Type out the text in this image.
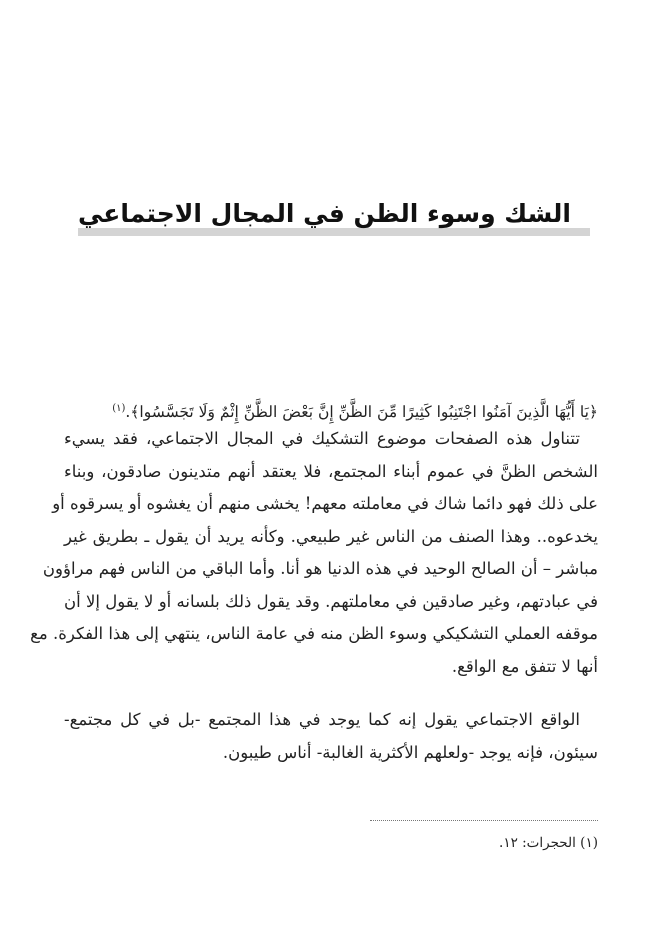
الشك وسوء الظن في المجال الاجتماعي
﴿يَا أَيُّهَا الَّذِينَ آمَنُوا اجْتَنِبُوا كَثِيرًا مِّنَ الظَّنِّ إِنَّ بَعْضَ الظَّنِّ إِثْمٌ وَلَا تَجَسَّسُوا﴾.$^{(١)}$
تتناول هذه الصفحات موضوع التشكيك في المجال الاجتماعي، فقد يسيء
الشخص الظنَّ في عموم أبناء المجتمع، فلا يعتقد أنهم متدينون صادقون، وبناء
على ذلك فهو دائما شاك في معاملته معهم! يخشى منهم أن يغشوه أو يسرقوه أو
يخدعوه.. وهذا الصنف من الناس غير طبيعي. وكأنه يريد أن يقول ـ بطريق غير
مباشر – أن الصالح الوحيد في هذه الدنيا هو أنا. وأما الباقي من الناس فهم مراؤون
في عبادتهم، وغير صادقين في معاملتهم. وقد يقول ذلك بلسانه أو لا يقول إلا أن
موقفه العملي التشكيكي وسوء الظن منه في عامة الناس، ينتهي إلى هذا الفكرة. مع
أنها لا تتفق مع الواقع.
الواقع الاجتماعي يقول إنه كما يوجد في هذا المجتمع -بل في كل مجتمع-
سيئون، فإنه يوجد -ولعلهم الأكثرية الغالبة- أناس طيبون.
(١) الحجرات: ١٢.
